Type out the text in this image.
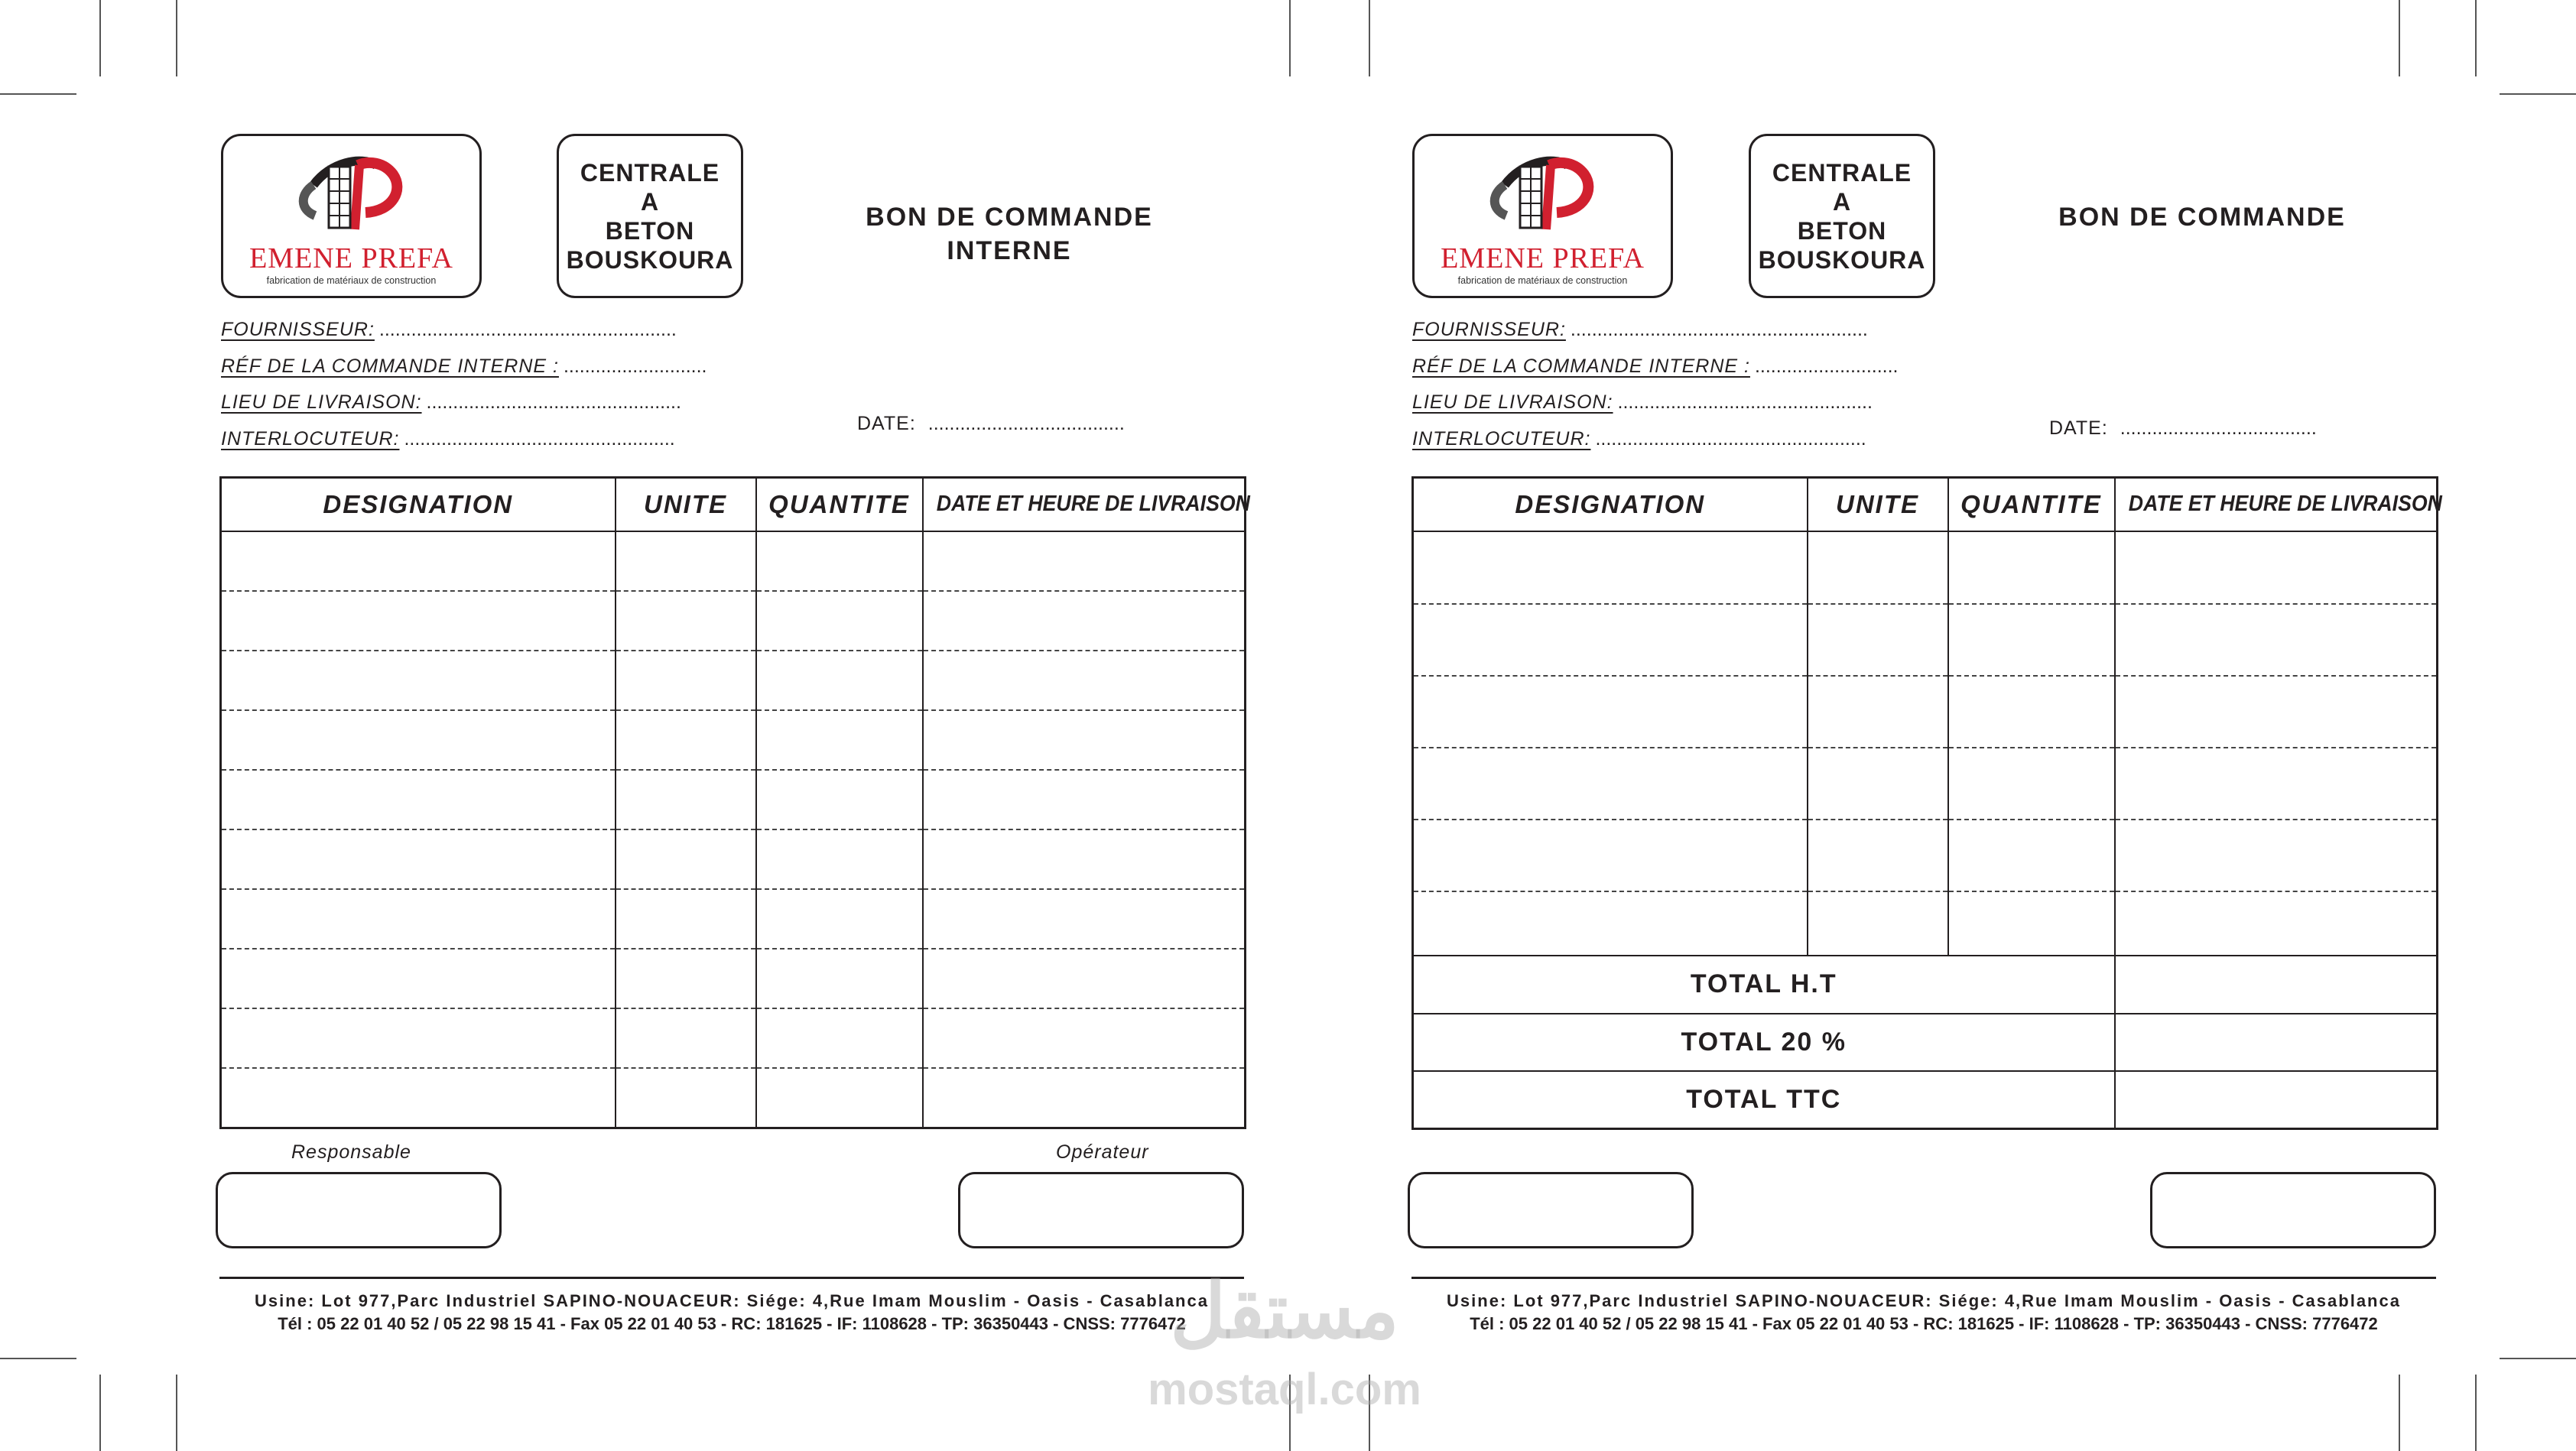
EMENE PREFA
fabrication de matériaux de construction
CENTRALE
A
BETON
BOUSKOURA
BON DE COMMANDE
INTERNE
FOURNISSEUR: ........................................................
RÉF DE LA COMMANDE INTERNE : ...........................
LIEU DE LIVRAISON: ................................................
INTERLOCUTEUR: ...................................................
DATE: .....................................
DESIGNATION	UNITE	QUANTITE	DATE ET HEURE DE LIVRAISON

Responsable	Opérateur
Usine: Lot 977,Parc Industriel SAPINO-NOUACEUR: Siége: 4,Rue Imam Mouslim - Oasis - Casablanca
Tél : 05 22 01 40 52 / 05 22 98 15 41 - Fax 05 22 01 40 53 - RC: 181625 - IF: 1108628 - TP: 36350443 - CNSS: 7776472
EMENE PREFA
fabrication de matériaux de construction
CENTRALE
A
BETON
BOUSKOURA
BON DE COMMANDE
FOURNISSEUR: ........................................................
RÉF DE LA COMMANDE INTERNE : ...........................
LIEU DE LIVRAISON: ................................................
INTERLOCUTEUR: ...................................................	DATE: .....................................
DESIGNATION	UNITE	QUANTITE	DATE ET HEURE DE LIVRAISON

TOTAL H.T			
TOTAL 20 %			
TOTAL TTC			
Usine: Lot 977,Parc Industriel SAPINO-NOUACEUR: Siége: 4,Rue Imam Mouslim - Oasis - Casablanca
Tél : 05 22 01 40 52 / 05 22 98 15 41 - Fax 05 22 01 40 53 - RC: 181625 - IF: 1108628 - TP: 36350443 - CNSS: 7776472
مستقل
mostaql.com
